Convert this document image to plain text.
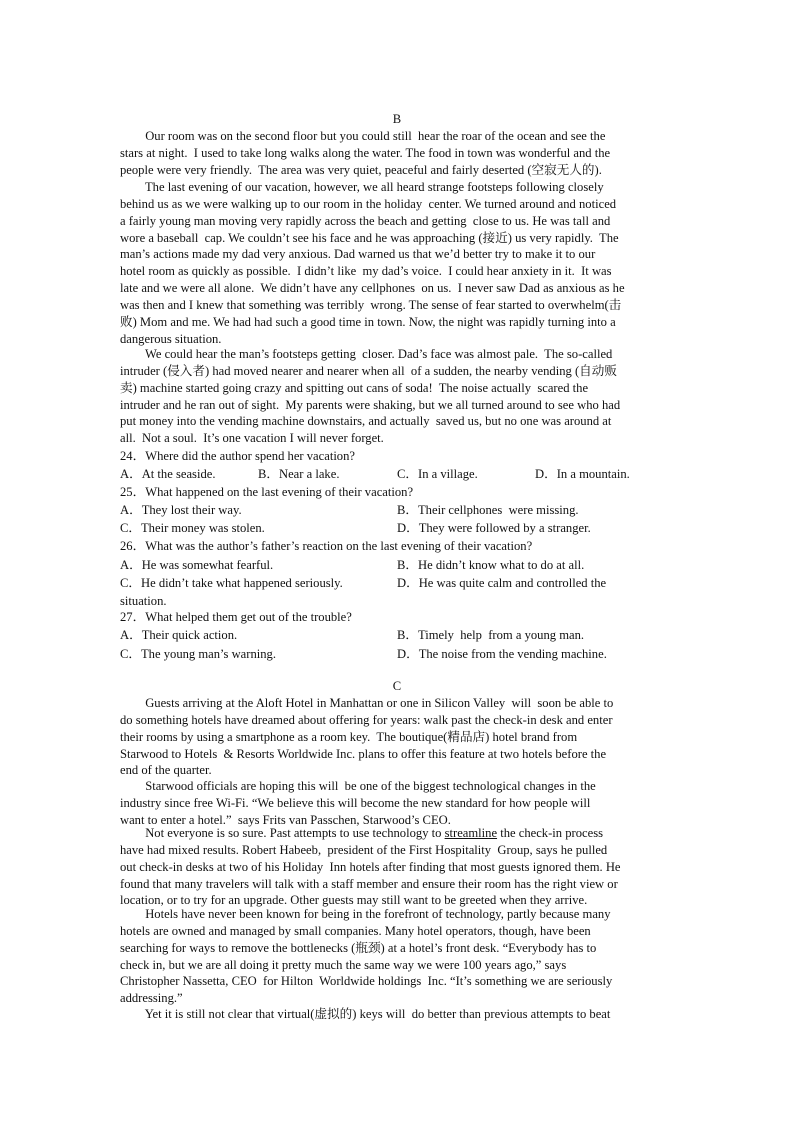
B
Our room was on the second floor but you could still  hear the roar of the ocean and see the
stars at night.  I used to take long walks along the water. The food in town was wonderful and the
people were very friendly.  The area was very quiet, peaceful and fairly deserted (空寂无人的).
The last evening of our vacation, however, we all heard strange footsteps following closely
behind us as we were walking up to our room in the holiday  center. We turned around and noticed
a fairly young man moving very rapidly across the beach and getting  close to us. He was tall and
wore a baseball  cap. We couldn’t see his face and he was approaching (接近) us very rapidly.  The
man’s actions made my dad very anxious. Dad warned us that we’d better try to make it to our
hotel room as quickly as possible.  I didn’t like  my dad’s voice.  I could hear anxiety in it.  It was
late and we were all alone.  We didn’t have any cellphones  on us.  I never saw Dad as anxious as he
was then and I knew that something was terribly  wrong. The sense of fear started to overwhelm(击
败) Mom and me. We had had such a good time in town. Now, the night was rapidly turning into a
dangerous situation.
We could hear the man’s footsteps getting  closer. Dad’s face was almost pale.  The so-called
intruder (侵入者) had moved nearer and nearer when all  of a sudden, the nearby vending (自动贩
卖) machine started going crazy and spitting out cans of soda!  The noise actually  scared the
intruder and he ran out of sight.  My parents were shaking, but we all turned around to see who had
put money into the vending machine downstairs, and actually  saved us, but no one was around at
all.  Not a soul.  It’s one vacation I will never forget.
24．Where did the author spend her vacation?
A．At the seaside.	B．Near a lake.	C．In a village.	D．In a mountain.
25．What happened on the last evening of their vacation?
A．They lost their way.	B．Their cellphones  were missing.
C．Their money was stolen.	D．They were followed by a stranger.
26．What was the author’s father’s reaction on the last evening of their vacation?
A．He was somewhat fearful.	B．He didn’t know what to do at all.
C．He didn’t take what happened seriously.	D．He was quite calm and controlled the
situation.
27．What helped them get out of the trouble?
A．Their quick action.	B．Timely  help  from a young man.
C．The young man’s warning.	D．The noise from the vending machine.
C
Guests arriving at the Aloft Hotel in Manhattan or one in Silicon Valley  will  soon be able to
do something hotels have dreamed about offering for years: walk past the check-in desk and enter
their rooms by using a smartphone as a room key.  The boutique(精品店) hotel brand from
Starwood to Hotels  & Resorts Worldwide Inc. plans to offer this feature at two hotels before the
end of the quarter.
Starwood officials are hoping this will  be one of the biggest technological changes in the
industry since free Wi-Fi. “We believe this will become the new standard for how people will
want to enter a hotel.”  says Frits van Passchen, Starwood’s CEO.
Not everyone is so sure. Past attempts to use technology to streamline the check-in process
have had mixed results. Robert Habeeb,  president of the First Hospitality  Group, says he pulled
out check-in desks at two of his Holiday  Inn hotels after finding that most guests ignored them. He
found that many travelers will talk with a staff member and ensure their room has the right view or
location, or to try for an upgrade. Other guests may still want to be greeted when they arrive.
Hotels have never been known for being in the forefront of technology, partly because many
hotels are owned and managed by small companies. Many hotel operators, though, have been
searching for ways to remove the bottlenecks (瓶颈) at a hotel’s front desk. “Everybody has to
check in, but we are all doing it pretty much the same way we were 100 years ago,” says
Christopher Nassetta, CEO  for Hilton  Worldwide holdings  Inc. “It’s something we are seriously
addressing.”
Yet it is still not clear that virtual(虚拟的) keys will  do better than previous attempts to beat
